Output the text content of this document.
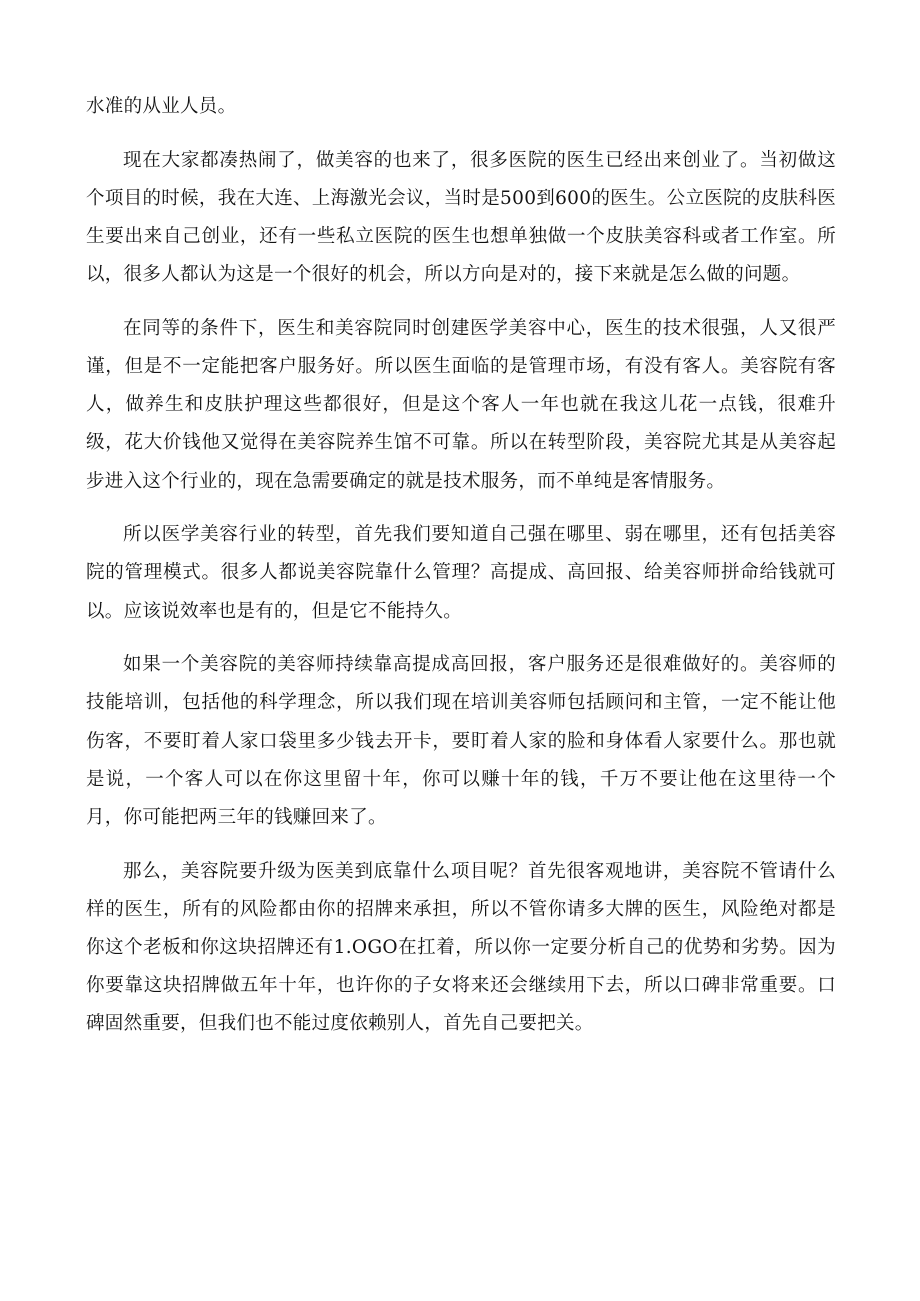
水准的从业人员。

现在大家都凑热闹了，做美容的也来了，很多医院的医生已经出来创业了。当初做这个项目的时候，我在大连、上海激光会议，当时是500到600的医生。公立医院的皮肤科医生要出来自己创业，还有一些私立医院的医生也想单独做一个皮肤美容科或者工作室。所以，很多人都认为这是一个很好的机会，所以方向是对的，接下来就是怎么做的问题。

在同等的条件下，医生和美容院同时创建医学美容中心，医生的技术很强，人又很严谨，但是不一定能把客户服务好。所以医生面临的是管理市场，有没有客人。美容院有客人，做养生和皮肤护理这些都很好，但是这个客人一年也就在我这儿花一点钱，很难升级，花大价钱他又觉得在美容院养生馆不可靠。所以在转型阶段，美容院尤其是从美容起步进入这个行业的，现在急需要确定的就是技术服务，而不单纯是客情服务。

所以医学美容行业的转型，首先我们要知道自己强在哪里、弱在哪里，还有包括美容院的管理模式。很多人都说美容院靠什么管理？高提成、高回报、给美容师拼命给钱就可以。应该说效率也是有的，但是它不能持久。

如果一个美容院的美容师持续靠高提成高回报，客户服务还是很难做好的。美容师的技能培训，包括他的科学理念，所以我们现在培训美容师包括顾问和主管，一定不能让他伤客，不要盯着人家口袋里多少钱去开卡，要盯着人家的脸和身体看人家要什么。那也就是说，一个客人可以在你这里留十年，你可以赚十年的钱，千万不要让他在这里待一个月，你可能把两三年的钱赚回来了。

那么，美容院要升级为医美到底靠什么项目呢？首先很客观地讲，美容院不管请什么样的医生，所有的风险都由你的招牌来承担，所以不管你请多大牌的医生，风险绝对都是你这个老板和你这块招牌还有1.OGO在扛着，所以你一定要分析自己的优势和劣势。因为你要靠这块招牌做五年十年，也许你的子女将来还会继续用下去，所以口碑非常重要。口碑固然重要，但我们也不能过度依赖别人，首先自己要把关。
